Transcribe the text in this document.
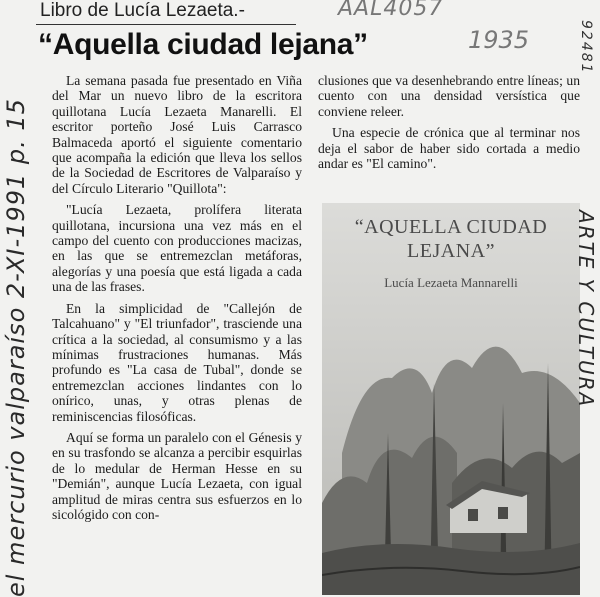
Libro de Lucía Lezaeta.-
“Aquella ciudad lejana”
AAL4057
1935

La semana pasada fue presentado en Viña del Mar un nuevo libro de la escritora quillotana Lucía Lezaeta Manarelli. El escritor porteño José Luis Carrasco Balmaceda aportó el siguiente comentario que acompaña la edición que lleva los sellos de la Sociedad de Escritores de Valparaíso y del Círculo Literario "Quillota":

"Lucía Lezaeta, prolífera literata quillotana, incursiona una vez más en el campo del cuento con producciones macizas, en las que se entremezclan metáforas, alegorías y una poesía que está ligada a cada una de las frases.

En la simplicidad de "Callejón de Talcahuano" y "El triunfador", trasciende una crítica a la sociedad, al consumismo y a las mínimas frustraciones humanas. Más profundo es "La casa de Tubal", donde se entremezclan acciones lindantes con lo onírico, unas, y otras plenas de reminiscencias filosóficas.

Aquí se forma un paralelo con el Génesis y en su trasfondo se alcanza a percibir esquirlas de lo medular de Herman Hesse en su "Demián", aunque Lucía Lezaeta, con igual amplitud de miras centra sus esfuerzos en lo sicológido con con-

clusiones que va desenhebrando entre líneas; un cuento con una densidad versística que conviene releer.

Una especie de crónica que al terminar nos deja el sabor de haber sido cortada a medio andar es "El camino".

“AQUELLA CIUDAD
LEJANA”
Lucía Lezaeta Mannarelli
el mercurio valparaíso 2-XI-1991 p. 15
92481
ARTE Y CULTURA
